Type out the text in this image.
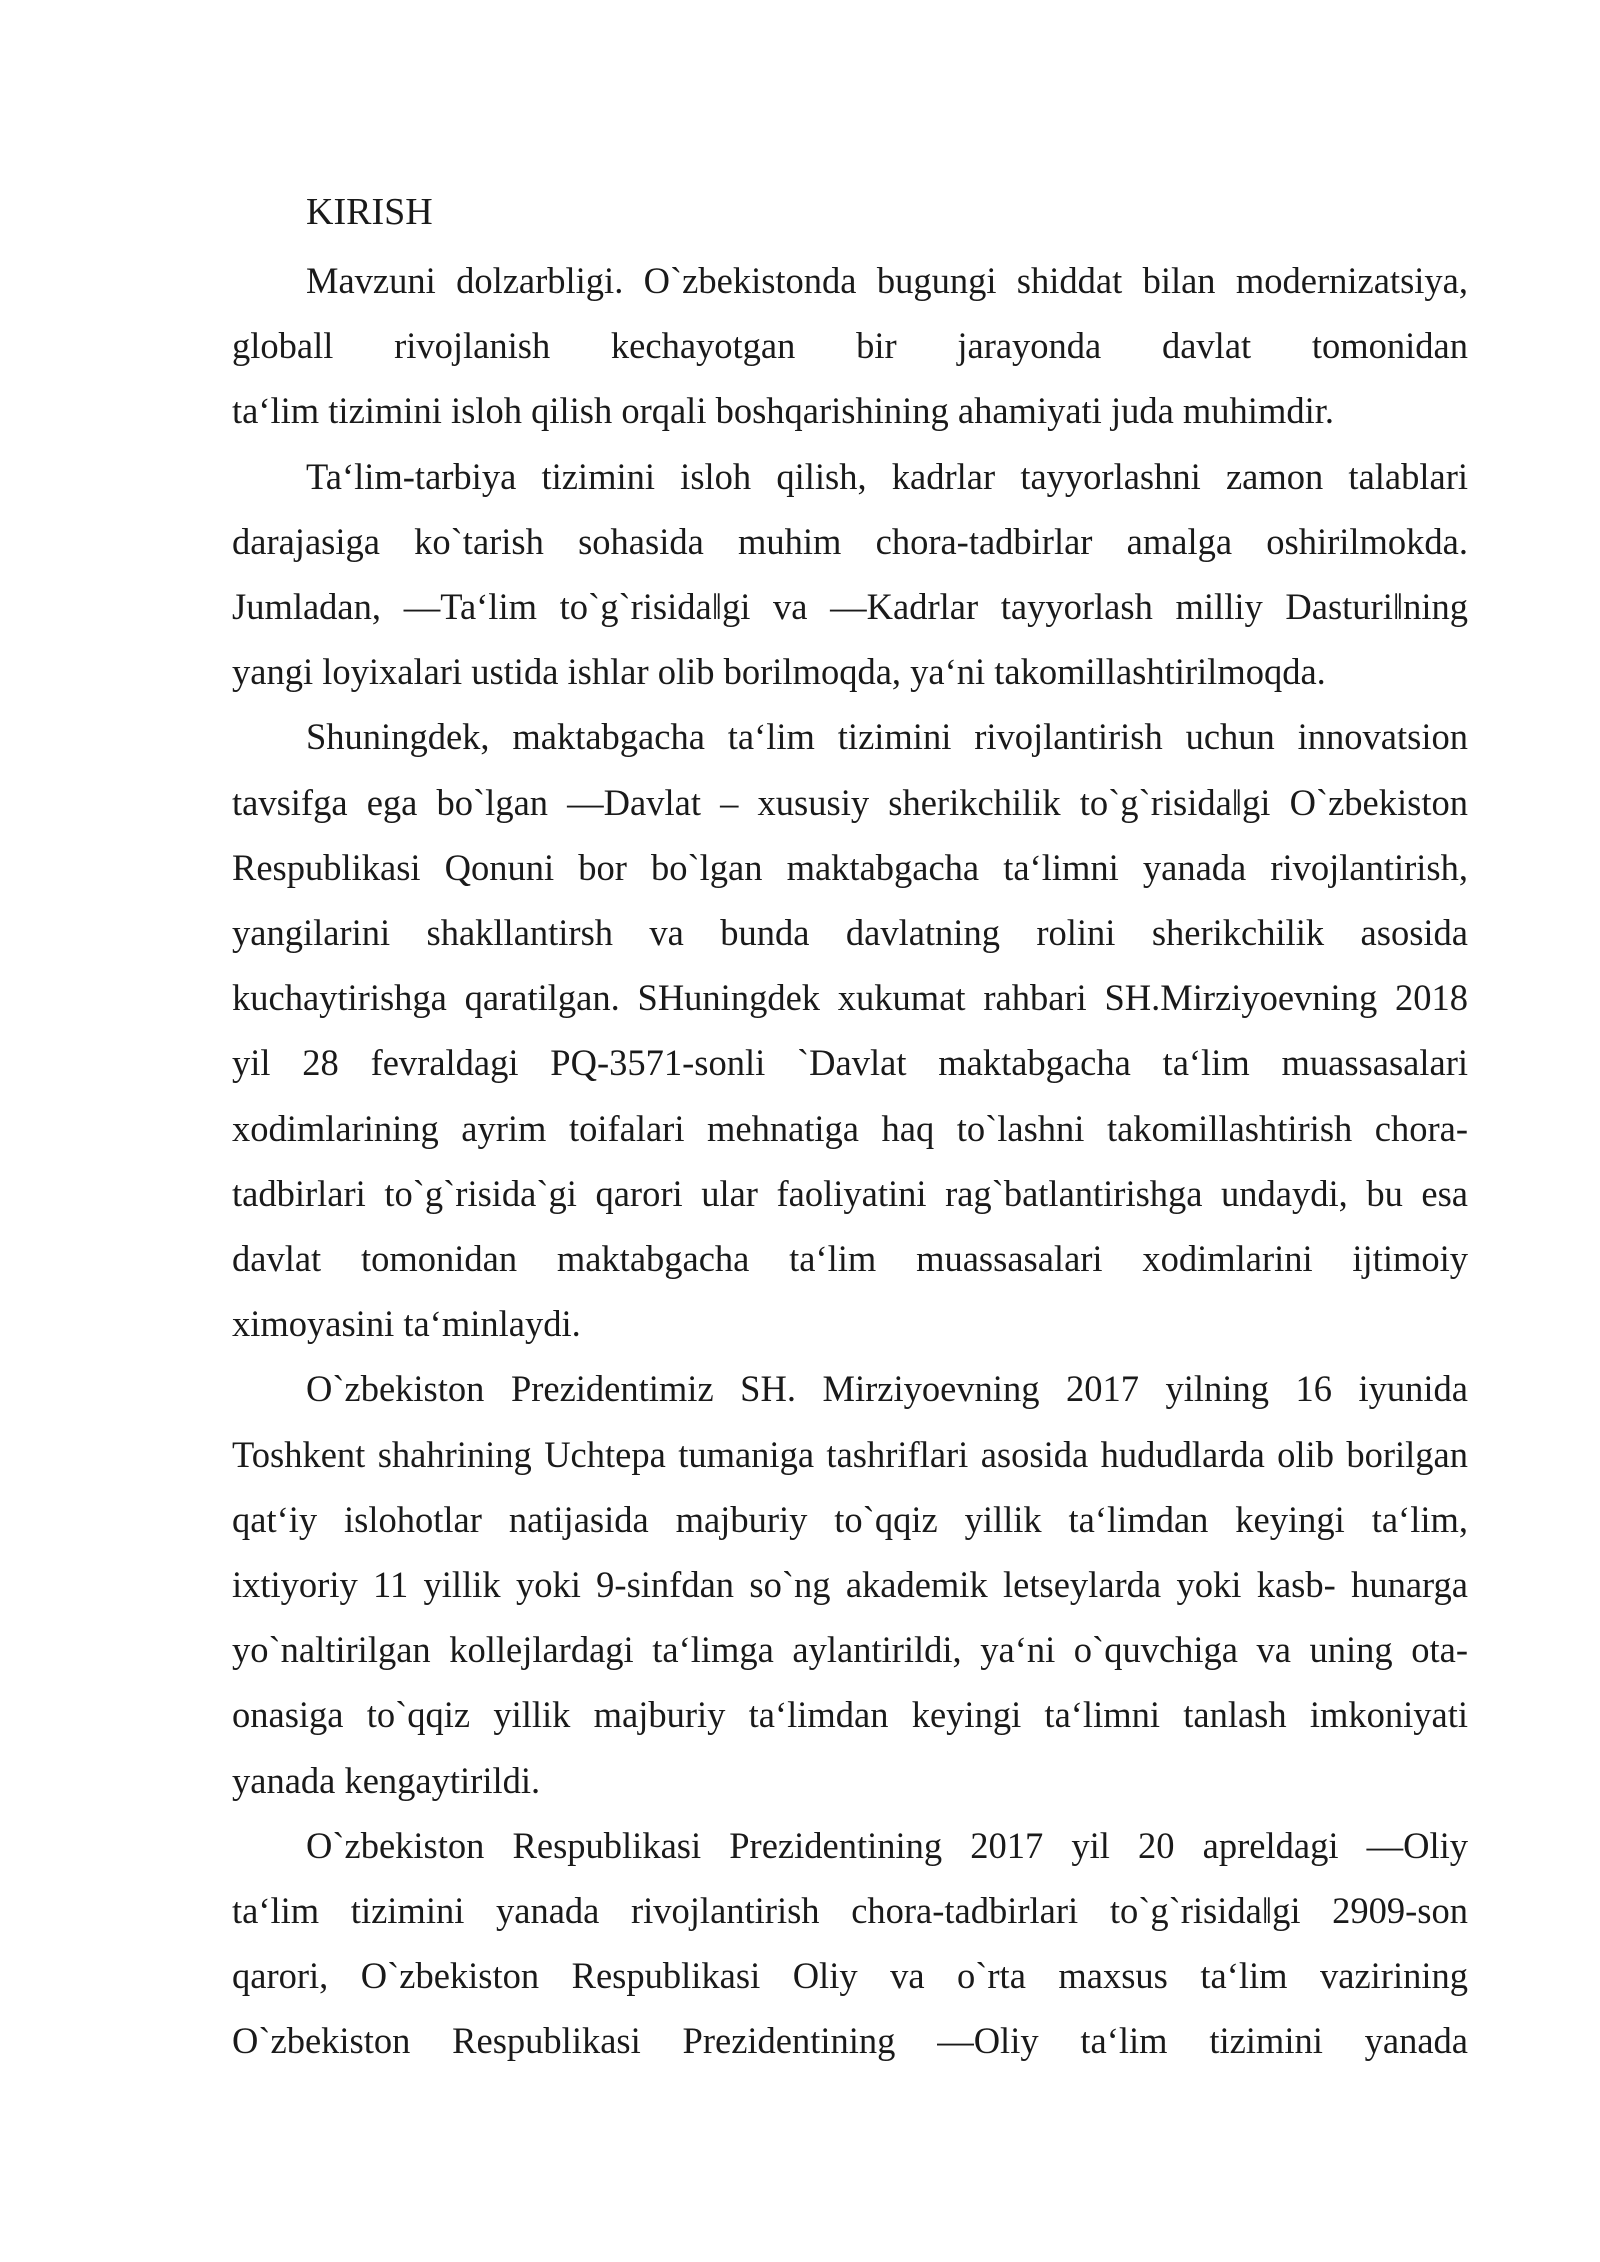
KIRISH

Mavzuni dolzarbligi. O`zbekistonda bugungi shiddat bilan modernizatsiya,
globall rivojlanish kechayotgan bir jarayonda davlat tomonidan
ta‘lim tizimini isloh qilish orqali boshqarishining ahamiyati juda muhimdir.

Ta‘lim-tarbiya tizimini isloh qilish, kadrlar tayyorlashni zamon talablari
darajasiga ko`tarish sohasida muhim chora-tadbirlar amalga oshirilmokda.
Jumladan, ―Ta‘lim to`g`risida‖gi va ―Kadrlar tayyorlash milliy Dasturi‖ning
yangi loyixalari ustida ishlar olib borilmoqda, ya‘ni takomillashtirilmoqda.

Shuningdek, maktabgacha ta‘lim tizimini rivojlantirish uchun innovatsion
tavsifga ega bo`lgan ―Davlat – xususiy sherikchilik to`g`risida‖gi O`zbekiston
Respublikasi Qonuni bor bo`lgan maktabgacha ta‘limni yanada rivojlantirish,
yangilarini shakllantirsh va bunda davlatning rolini sherikchilik asosida
kuchaytirishga qaratilgan. SHuningdek xukumat rahbari SH.Mirziyoevning 2018
yil 28 fevraldagi PQ-3571-sonli `Davlat maktabgacha ta‘lim muassasalari
xodimlarining ayrim toifalari mehnatiga haq to`lashni takomillashtirish chora-
tadbirlari to`g`risida`gi qarori ular faoliyatini rag`batlantirishga undaydi, bu esa
davlat tomonidan maktabgacha ta‘lim muassasalari xodimlarini ijtimoiy
ximoyasini ta‘minlaydi.

O`zbekiston Prezidentimiz SH. Mirziyoevning 2017 yilning 16 iyunida
Toshkent shahrining Uchtepa tumaniga tashriflari asosida hududlarda olib borilgan
qat‘iy islohotlar natijasida majburiy to`qqiz yillik ta‘limdan keyingi ta‘lim,
ixtiyoriy 11 yillik yoki 9-sinfdan so`ng akademik letseylarda yoki kasb- hunarga
yo`naltirilgan kollejlardagi ta‘limga aylantirildi, ya‘ni o`quvchiga va uning ota-
onasiga to`qqiz yillik majburiy ta‘limdan keyingi ta‘limni tanlash imkoniyati
yanada kengaytirildi.

O`zbekiston Respublikasi Prezidentining 2017 yil 20 apreldagi ―Oliy
ta‘lim tizimini yanada rivojlantirish chora-tadbirlari to`g`risida‖gi 2909-son
qarori, O`zbekiston Respublikasi Oliy va o`rta maxsus ta‘lim vazirining
O`zbekiston Respublikasi Prezidentining ―Oliy ta‘lim tizimini yanada
